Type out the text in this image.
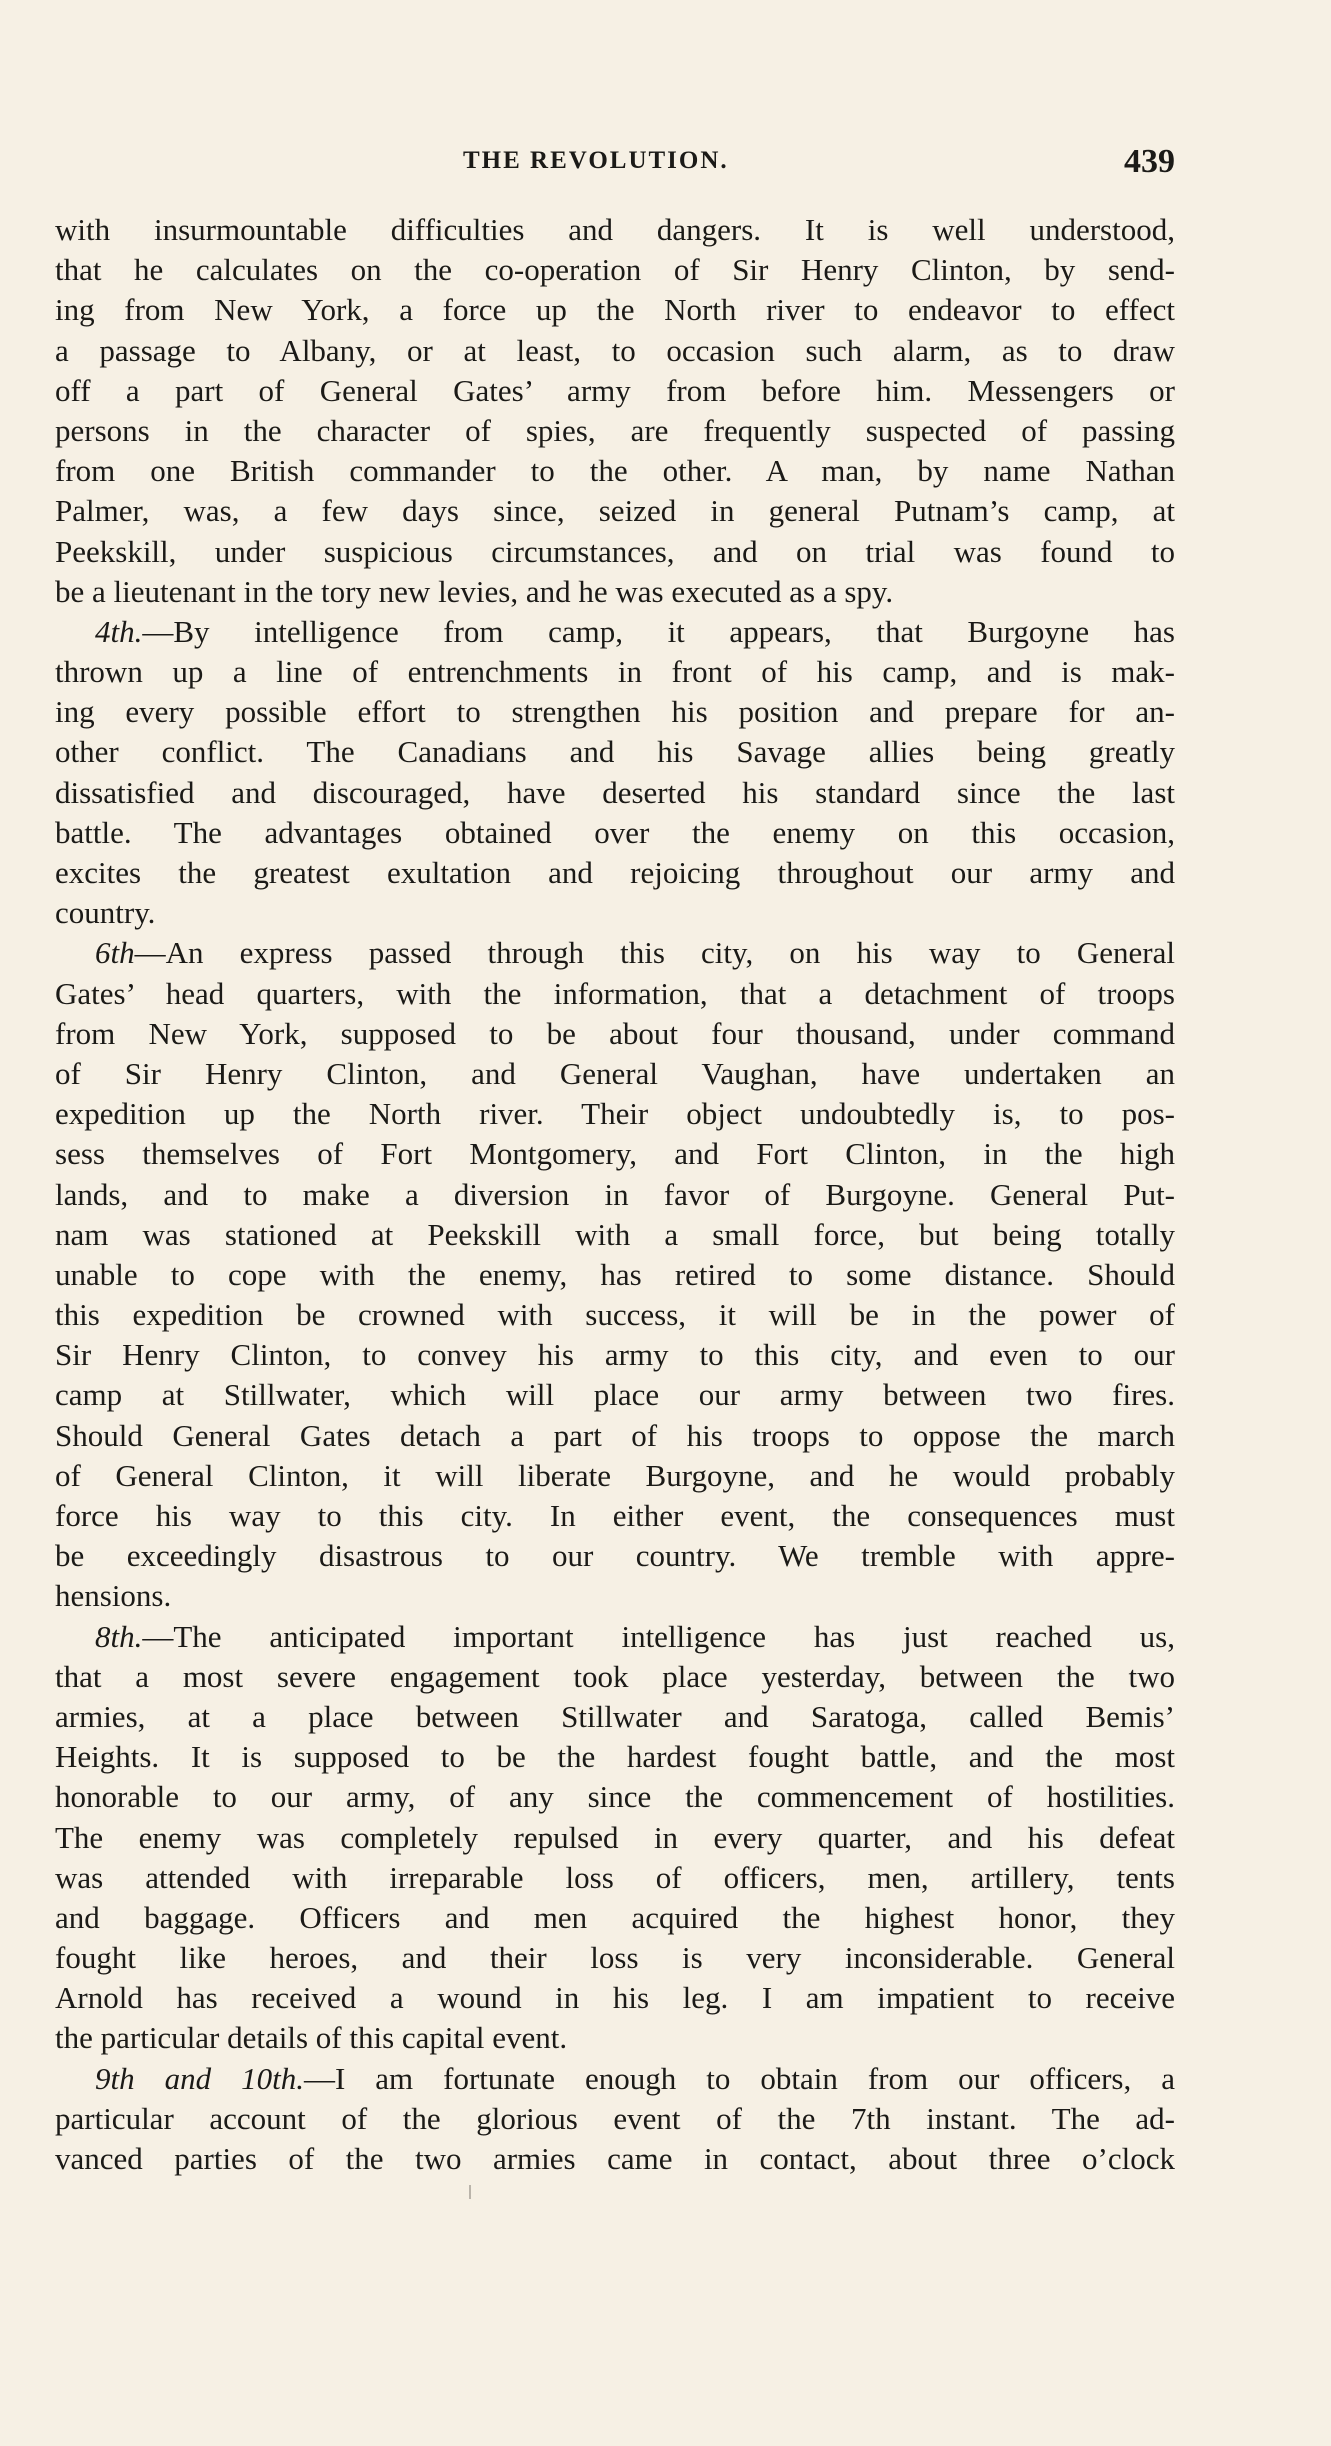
THE REVOLUTION.	439
with insurmountable difficulties and dangers. It is well understood,
that he calculates on the co-operation of Sir Henry Clinton, by send-
ing from New York, a force up the North river to endeavor to effect
a passage to Albany, or at least, to occasion such alarm, as to draw
off a part of General Gates’ army from before him. Messengers or
persons in the character of spies, are frequently suspected of passing
from one British commander to the other. A man, by name Nathan
Palmer, was, a few days since, seized in general Putnam’s camp, at
Peekskill, under suspicious circumstances, and on trial was found to
be a lieutenant in the tory new levies, and he was executed as a spy.
4th.—By intelligence from camp, it appears, that Burgoyne has
thrown up a line of entrenchments in front of his camp, and is mak-
ing every possible effort to strengthen his position and prepare for an-
other conflict. The Canadians and his Savage allies being greatly
dissatisfied and discouraged, have deserted his standard since the last
battle. The advantages obtained over the enemy on this occasion,
excites the greatest exultation and rejoicing throughout our army and
country.
6th—An express passed through this city, on his way to General
Gates’ head quarters, with the information, that a detachment of troops
from New York, supposed to be about four thousand, under command
of Sir Henry Clinton, and General Vaughan, have undertaken an
expedition up the North river. Their object undoubtedly is, to pos-
sess themselves of Fort Montgomery, and Fort Clinton, in the high
lands, and to make a diversion in favor of Burgoyne. General Put-
nam was stationed at Peekskill with a small force, but being totally
unable to cope with the enemy, has retired to some distance. Should
this expedition be crowned with success, it will be in the power of
Sir Henry Clinton, to convey his army to this city, and even to our
camp at Stillwater, which will place our army between two fires.
Should General Gates detach a part of his troops to oppose the march
of General Clinton, it will liberate Burgoyne, and he would probably
force his way to this city. In either event, the consequences must
be exceedingly disastrous to our country. We tremble with appre-
hensions.
8th.—The anticipated important intelligence has just reached us,
that a most severe engagement took place yesterday, between the two
armies, at a place between Stillwater and Saratoga, called Bemis’
Heights. It is supposed to be the hardest fought battle, and the most
honorable to our army, of any since the commencement of hostilities.
The enemy was completely repulsed in every quarter, and his defeat
was attended with irreparable loss of officers, men, artillery, tents
and baggage. Officers and men acquired the highest honor, they
fought like heroes, and their loss is very inconsiderable. General
Arnold has received a wound in his leg. I am impatient to receive
the particular details of this capital event.
9th and 10th.—I am fortunate enough to obtain from our officers, a
particular account of the glorious event of the 7th instant. The ad-
vanced parties of the two armies came in contact, about three o’clock
